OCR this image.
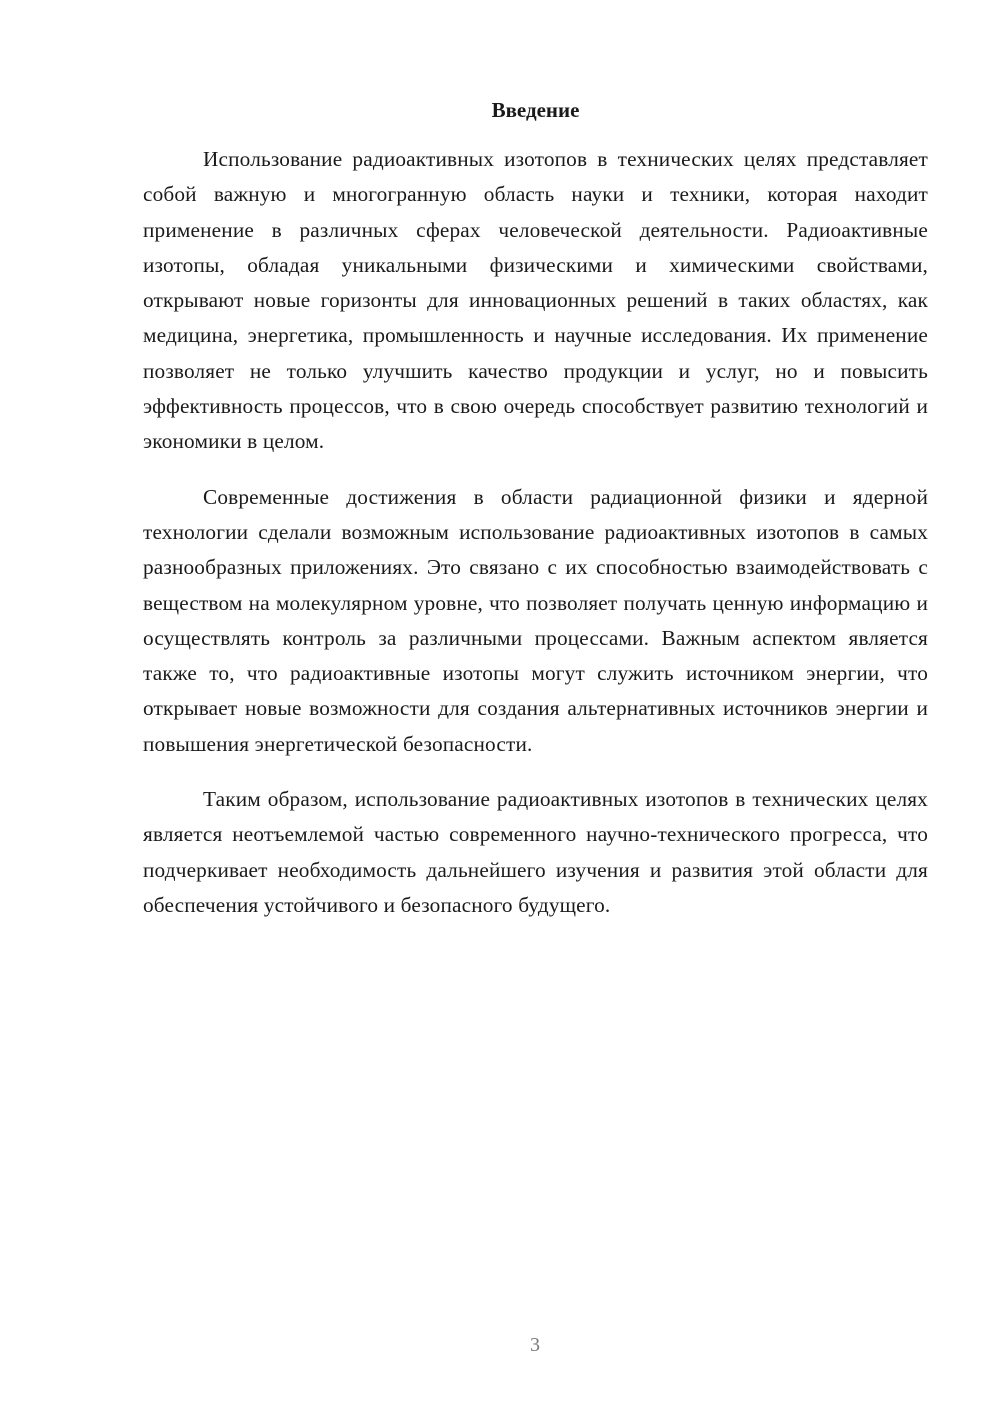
Введение

Использование радиоактивных изотопов в технических целях представляет собой важную и многогранную область науки и техники, которая находит применение в различных сферах человеческой деятельности. Радиоактивные изотопы, обладая уникальными физическими и химическими свойствами, открывают новые горизонты для инновационных решений в таких областях, как медицина, энергетика, промышленность и научные исследования. Их применение позволяет не только улучшить качество продукции и услуг, но и повысить эффективность процессов, что в свою очередь способствует развитию технологий и экономики в целом.

Современные достижения в области радиационной физики и ядерной технологии сделали возможным использование радиоактивных изотопов в самых разнообразных приложениях. Это связано с их способностью взаимодействовать с веществом на молекулярном уровне, что позволяет получать ценную информацию и осуществлять контроль за различными процессами. Важным аспектом является также то, что радиоактивные изотопы могут служить источником энергии, что открывает новые возможности для создания альтернативных источников энергии и повышения энергетической безопасности.

Таким образом, использование радиоактивных изотопов в технических целях является неотъемлемой частью современного научно-технического прогресса, что подчеркивает необходимость дальнейшего изучения и развития этой области для обеспечения устойчивого и безопасного будущего.

3
